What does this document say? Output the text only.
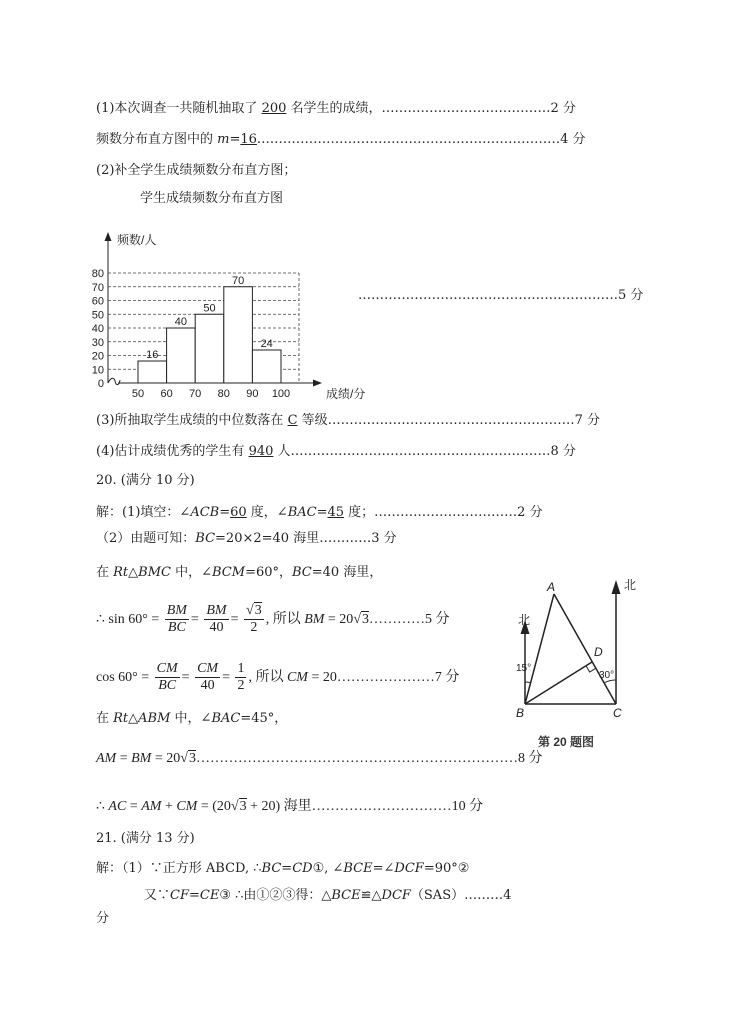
(1)本次调查一共随机抽取了 200 名学生的成绩，…………………………………2 分
频数分布直方图中的 m=16.……………………………………………………………4 分
(2)补全学生成绩频数分布直方图；
学生成绩频数分布直方图
频数/人
成绩/分
16
40
50
70
24
0
10
20
30
40
50
60
70
80
50 60 70 80 90 100
……………………………………………………5 分
(3)所抽取学生成绩的中位数落在 C 等级…………………………………………………7 分
(4)估计成绩优秀的学生有 940 人……………………………………………………8 分
20. (满分 10 分)
解：(1)填空：∠ACB=60 度，∠BAC=45 度；……………………………2 分
（2）由题可知：BC=20×2=40 海里…………3 分
在 Rt△BMC 中，∠BCM=60°，BC=40 海里，
∴ $\sin 60^\circ = \frac{BM}{BC} = \frac{BM}{40} = \frac{√3}{2}$ , 所以 BM = 20√3…………5 分
$\cos 60^\circ = \frac{CM}{BC} = \frac{CM}{40} = \frac{1}{2}$ , 所以 CM = 20…………………7 分
在 Rt△ABM 中，∠BAC=45°，
AM = BM = 20√3……………………………………………………………8 分
∴ AC = AM + CM = (20√3 + 20) 海里…………………………10 分
北
北
15°
30°
A
B	C
D
第 20 题图
21. (满分 13 分)
解：（1）∵正方形 ABCD, ∴BC=CD①, ∠BCE=∠DCF=90°②
又∵CF=CE③ ∴由①②③得：△BCE≌△DCF（SAS）………4
分
